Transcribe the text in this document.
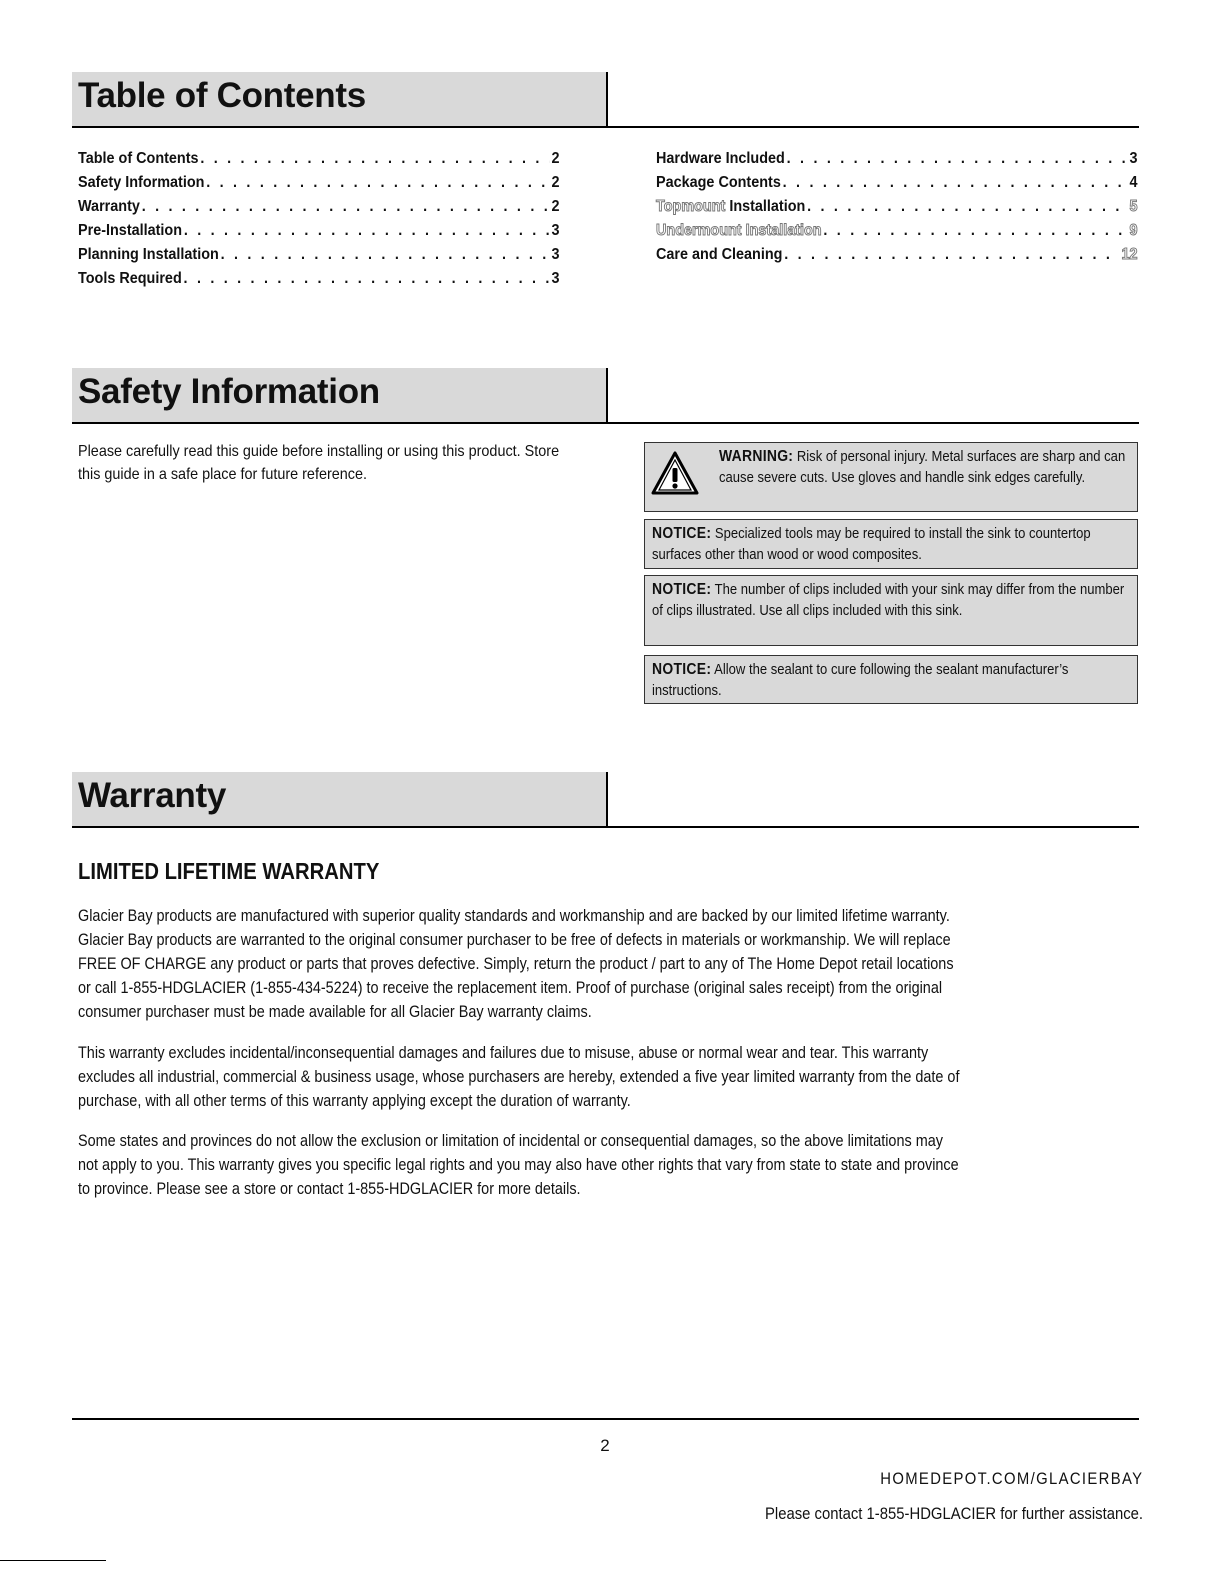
Table of Contents
Table of Contents . . .	2
Safety Information . . .	2
Warranty . . .	2
Pre-Installation . . .	3
Planning Installation . . .	3
Tools Required . . .	3
Hardware Included . . .	3
Package Contents . . .	4
Topmount Installation . . .	5
Undermount Installation . . .	9
Care and Cleaning . . .	12
Safety Information
Please carefully read this guide before installing or using this product. Store this guide in a safe place for future reference.
WARNING: Risk of personal injury. Metal surfaces are sharp and can cause severe cuts. Use gloves and handle sink edges carefully.
NOTICE: Specialized tools may be required to install the sink to countertop surfaces other than wood or wood composites.
NOTICE: The number of clips included with your sink may differ from the number of clips illustrated. Use all clips included with this sink.
NOTICE: Allow the sealant to cure following the sealant manufacturer’s instructions.
Warranty
LIMITED LIFETIME WARRANTY
Glacier Bay products are manufactured with superior quality standards and workmanship and are backed by our limited lifetime warranty.
Glacier Bay products are warranted to the original consumer purchaser to be free of defects in materials or workmanship. We will replace
FREE OF CHARGE any product or parts that proves defective. Simply, return the product / part to any of The Home Depot retail locations
or call 1-855-HDGLACIER (1-855-434-5224) to receive the replacement item. Proof of purchase (original sales receipt) from the original
consumer purchaser must be made available for all Glacier Bay warranty claims.
This warranty excludes incidental/inconsequential damages and failures due to misuse, abuse or normal wear and tear. This warranty
excludes all industrial, commercial & business usage, whose purchasers are hereby, extended a five year limited warranty from the date of
purchase, with all other terms of this warranty applying except the duration of warranty.
Some states and provinces do not allow the exclusion or limitation of incidental or consequential damages, so the above limitations may
not apply to you. This warranty gives you specific legal rights and you may also have other rights that vary from state to state and province
to province. Please see a store or contact 1-855-HDGLACIER for more details.
2
HOMEDEPOT.COM/GLACIERBAY
Please contact 1-855-HDGLACIER for further assistance.
